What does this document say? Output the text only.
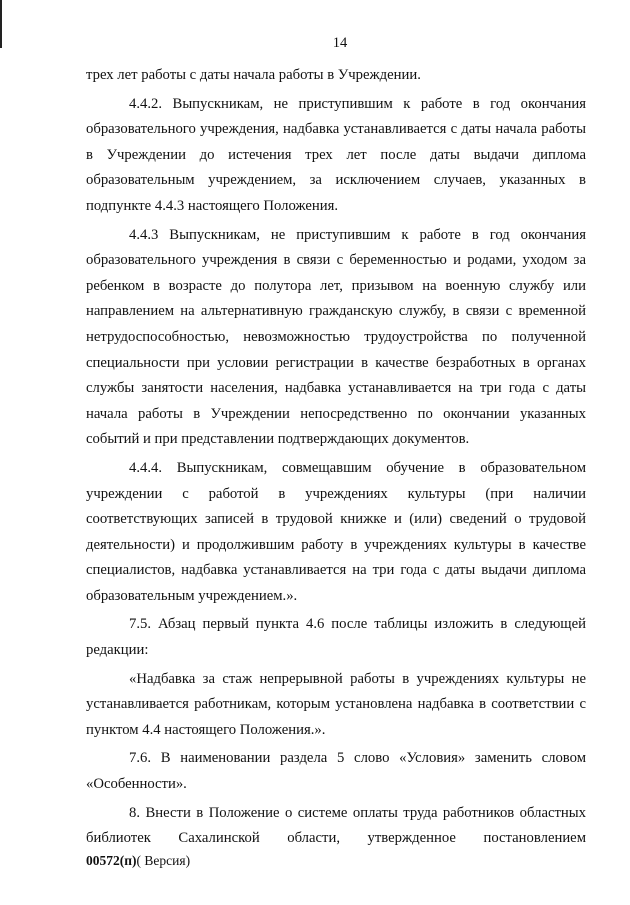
14

трех лет работы с даты начала работы в Учреждении.

4.4.2. Выпускникам, не приступившим к работе в год окончания образовательного учреждения, надбавка устанавливается с даты начала работы в Учреждении до истечения трех лет после даты выдачи диплома образовательным учреждением, за исключением случаев, указанных в подпункте 4.4.3 настоящего Положения.

4.4.3 Выпускникам, не приступившим к работе в год окончания образовательного учреждения в связи с беременностью и родами, уходом за ребенком в возрасте до полутора лет, призывом на военную службу или направлением на альтернативную гражданскую службу, в связи с временной нетрудоспособностью, невозможностью трудоустройства по полученной специальности при условии регистрации в качестве безработных в органах службы занятости населения, надбавка устанавливается на три года с даты начала работы в Учреждении непосредственно по окончании указанных событий и при представлении подтверждающих документов.

4.4.4. Выпускникам, совмещавшим обучение в образовательном учреждении с работой в учреждениях культуры (при наличии соответствующих записей в трудовой книжке и (или) сведений о трудовой деятельности) и продолжившим работу в учреждениях культуры в качестве специалистов, надбавка устанавливается на три года с даты выдачи диплома образовательным учреждением.».

7.5. Абзац первый пункта 4.6 после таблицы изложить в следующей редакции:

«Надбавка за стаж непрерывной работы в учреждениях культуры не устанавливается работникам, которым установлена надбавка в соответствии с пунктом 4.4 настоящего Положения.».

7.6. В наименовании раздела 5 слово «Условия» заменить словом «Особенности».

8. Внести в Положение о системе оплаты труда работников областных библиотек Сахалинской области, утвержденное постановлением

00572(п)( Версия)
